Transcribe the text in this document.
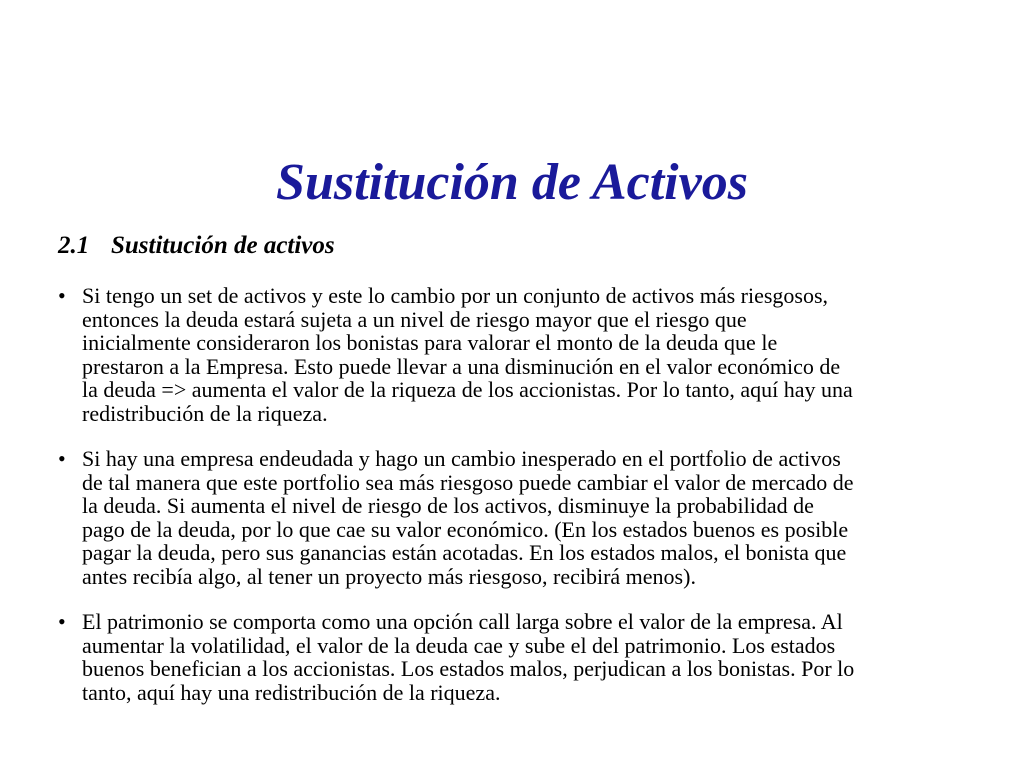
Sustitución de Activos
2.1 Sustitución de activos
• Si tengo un set de activos y este lo cambio por un conjunto de activos más riesgosos,
entonces la deuda estará sujeta a un nivel de riesgo mayor que el riesgo que
inicialmente consideraron los bonistas para valorar el monto de la deuda que le
prestaron a la Empresa. Esto puede llevar a una disminución en el valor económico de
la deuda => aumenta el valor de la riqueza de los accionistas. Por lo tanto, aquí hay una
redistribución de la riqueza.
• Si hay una empresa endeudada y hago un cambio inesperado en el portfolio de activos
de tal manera que este portfolio sea más riesgoso puede cambiar el valor de mercado de
la deuda. Si aumenta el nivel de riesgo de los activos, disminuye la probabilidad de
pago de la deuda, por lo que cae su valor económico. (En los estados buenos es posible
pagar la deuda, pero sus ganancias están acotadas. En los estados malos, el bonista que
antes recibía algo, al tener un proyecto más riesgoso, recibirá menos).
• El patrimonio se comporta como una opción call larga sobre el valor de la empresa. Al
aumentar la volatilidad, el valor de la deuda cae y sube el del patrimonio. Los estados
buenos benefician a los accionistas. Los estados malos, perjudican a los bonistas. Por lo
tanto, aquí hay una redistribución de la riqueza.
